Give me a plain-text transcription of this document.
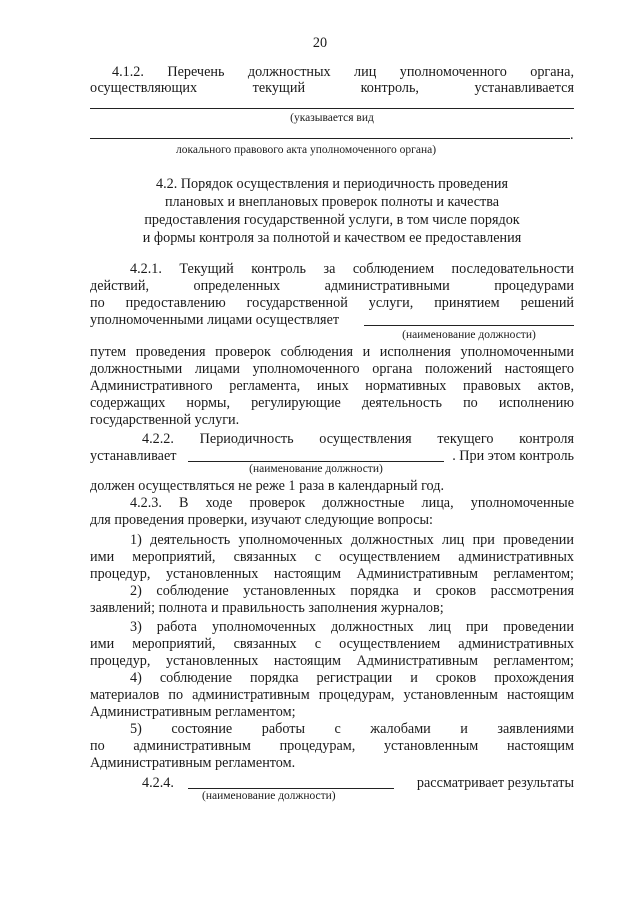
20
4.1.2. Перечень должностных лиц уполномоченного органа,
осуществляющих текущий контроль, устанавливается
(указывается вид
.
локального правового акта уполномоченного органа)
4.2. Порядок осуществления и периодичность проведения
плановых и внеплановых проверок полноты и качества
предоставления государственной услуги, в том числе порядок
и формы контроля за полнотой и качеством ее предоставления
4.2.1. Текущий контроль за соблюдением последовательности
действий, определенных административными процедурами
по предоставлению государственной услуги, принятием решений
уполномоченными лицами осуществляет
(наименование должности)
путем проведения проверок соблюдения и исполнения уполномоченными
должностными лицами уполномоченного органа положений настоящего
Административного регламента, иных нормативных правовых актов,
содержащих нормы, регулирующие деятельность по исполнению
государственной услуги.
4.2.2. Периодичность осуществления текущего контроля
устанавливает	. При этом контроль
(наименование должности)
должен осуществляться не реже 1 раза в календарный год.
4.2.3. В ходе проверок должностные лица, уполномоченные
для проведения проверки, изучают следующие вопросы:
1) деятельность уполномоченных должностных лиц при проведении
ими мероприятий, связанных с осуществлением административных
процедур, установленных настоящим Административным регламентом;
2) соблюдение установленных порядка и сроков рассмотрения
заявлений; полнота и правильность заполнения журналов;
3) работа уполномоченных должностных лиц при проведении
ими мероприятий, связанных с осуществлением административных
процедур, установленных настоящим Административным регламентом;
4) соблюдение порядка регистрации и сроков прохождения
материалов по административным процедурам, установленным настоящим
Административным регламентом;
5) состояние работы с жалобами и заявлениями
по административным процедурам, установленным настоящим
Административным регламентом.
4.2.4.	рассматривает результаты
(наименование должности)
